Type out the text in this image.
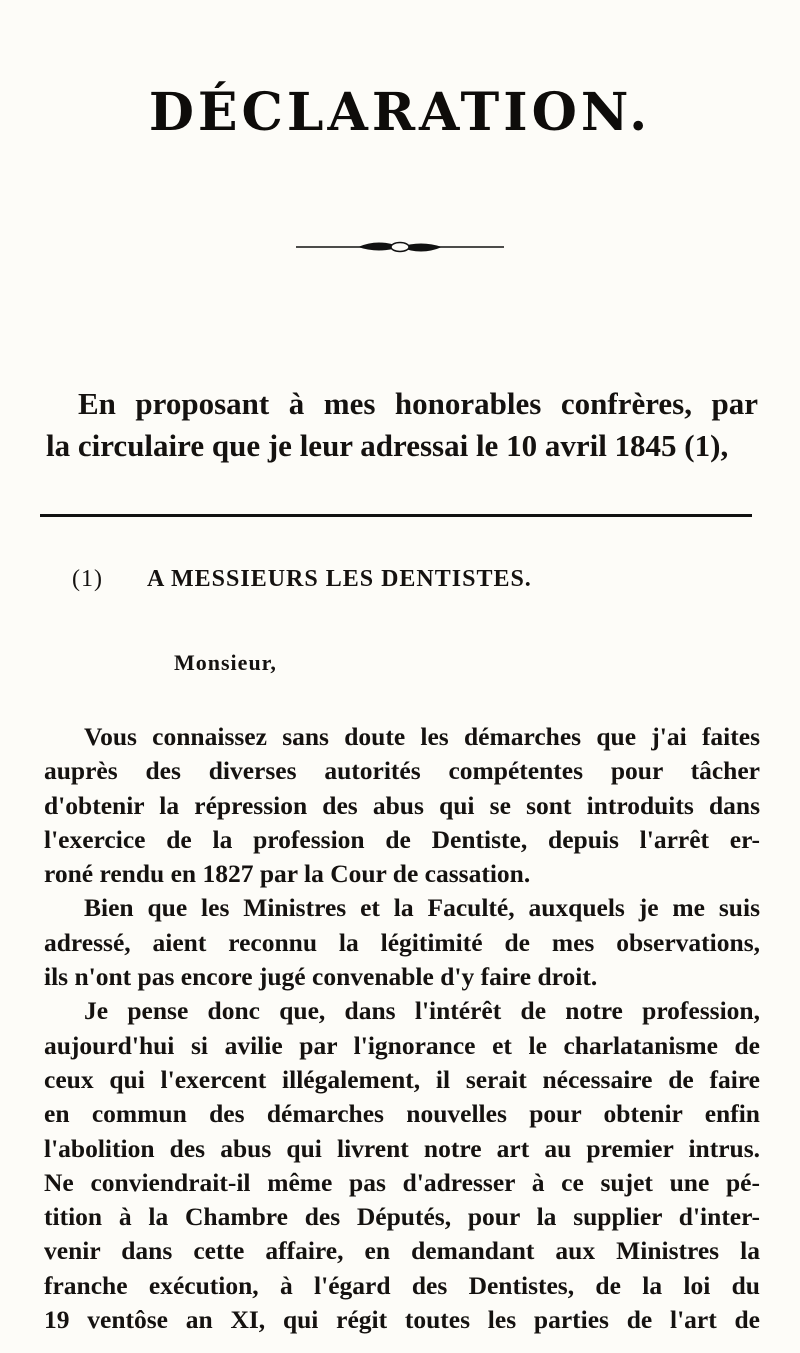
DÉCLARATION.
En proposant à mes honorables confrères, par
la circulaire que je leur adressai le 10 avril 1845 (1),
(1) A MESSIEURS LES DENTISTES.
Monsieur,
Vous connaissez sans doute les démarches que j'ai faites
auprès des diverses autorités compétentes pour tâcher
d'obtenir la répression des abus qui se sont introduits dans
l'exercice de la profession de Dentiste, depuis l'arrêt er-
roné rendu en 1827 par la Cour de cassation.
Bien que les Ministres et la Faculté, auxquels je me suis
adressé, aient reconnu la légitimité de mes observations,
ils n'ont pas encore jugé convenable d'y faire droit.
Je pense donc que, dans l'intérêt de notre profession,
aujourd'hui si avilie par l'ignorance et le charlatanisme de
ceux qui l'exercent illégalement, il serait nécessaire de faire
en commun des démarches nouvelles pour obtenir enfin
l'abolition des abus qui livrent notre art au premier intrus.
Ne conviendrait-il même pas d'adresser à ce sujet une pé-
tition à la Chambre des Députés, pour la supplier d'inter-
venir dans cette affaire, en demandant aux Ministres la
franche exécution, à l'égard des Dentistes, de la loi du
19 ventôse an XI, qui régit toutes les parties de l'art de
